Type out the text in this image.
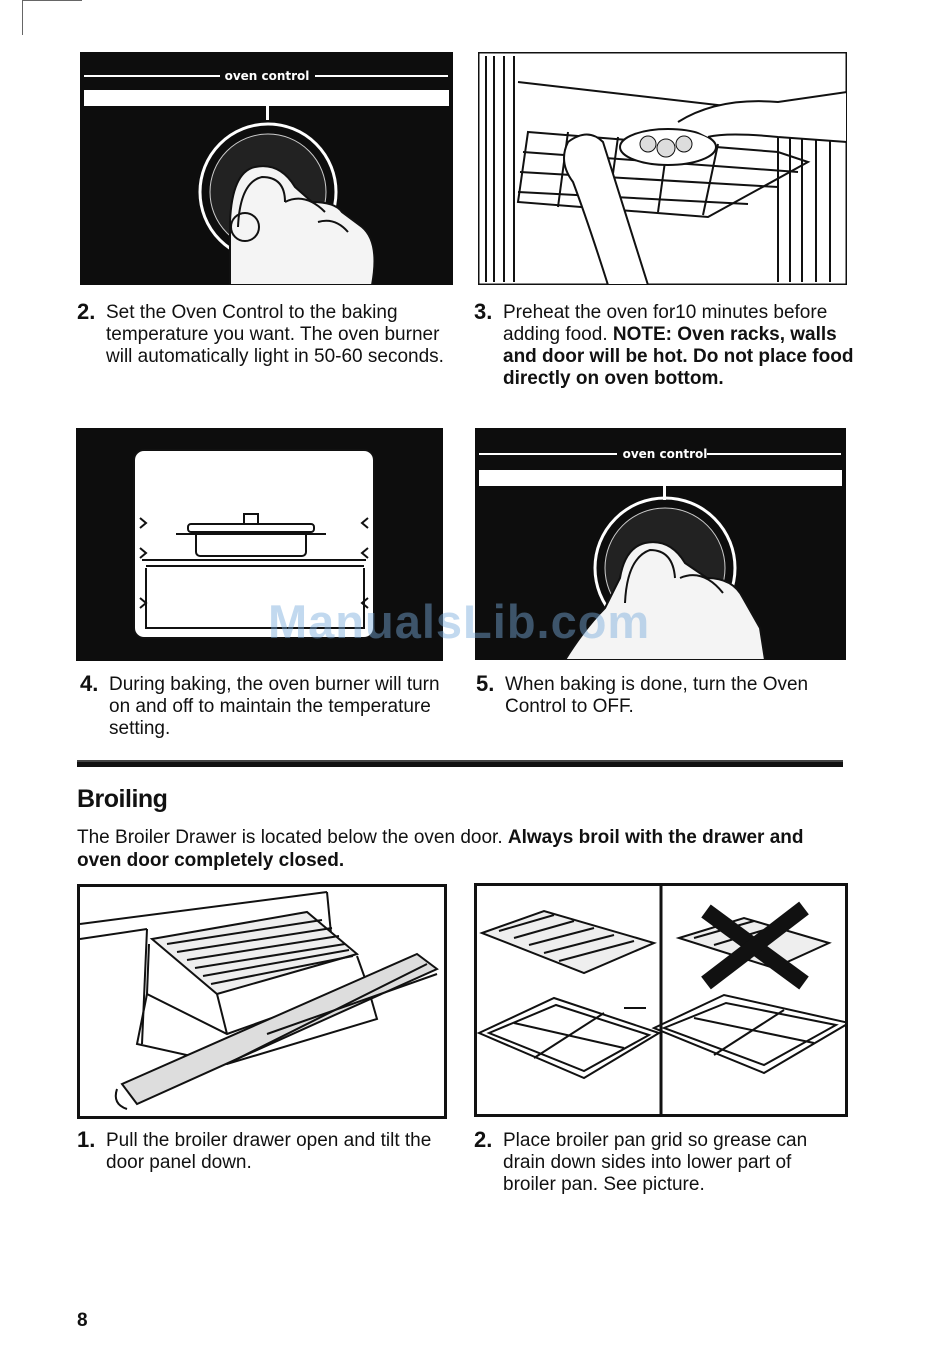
oven control
2. Set the Oven Control to the baking temperature you want. The oven burner will automatically light in 50-60 seconds.
3. Preheat the oven for10 minutes before adding food. NOTE: Oven racks, walls and door will be hot. Do not place food directly on oven bottom.
oven control
ManualsLib.com
4. During baking, the oven burner will turn on and off to maintain the temperature setting.
5. When baking is done, turn the Oven Control to OFF.
Broiling
The Broiler Drawer is located below the oven door. Always broil with the drawer and oven door completely closed.
1. Pull the broiler drawer open and tilt the door panel down.
2. Place broiler pan grid so grease can drain down sides into lower part of broiler pan. See picture.
8
